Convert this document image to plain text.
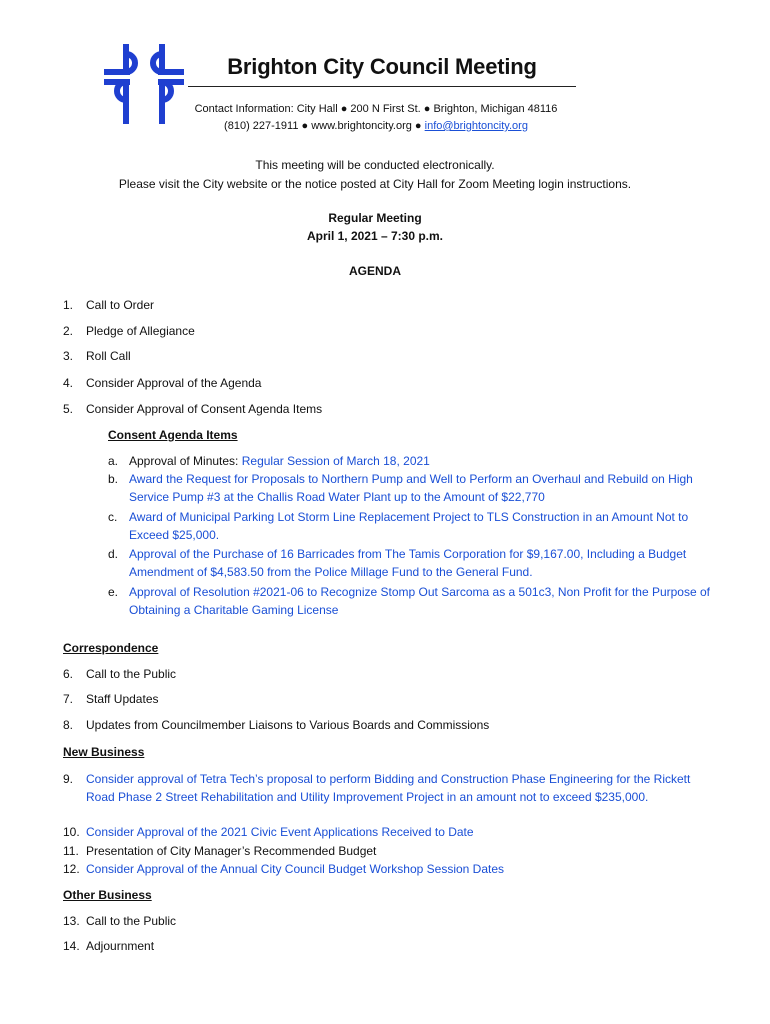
Brighton City Council Meeting
Contact Information: City Hall ● 200 N First St. ● Brighton, Michigan 48116
(810) 227-1911 ● www.brightoncity.org ● info@brightoncity.org
This meeting will be conducted electronically.
Please visit the City website or the notice posted at City Hall for Zoom Meeting login instructions.
Regular Meeting
April 1, 2021 – 7:30 p.m.
AGENDA
1. Call to Order
2. Pledge of Allegiance
3. Roll Call
4. Consider Approval of the Agenda
5. Consider Approval of Consent Agenda Items
Consent Agenda Items
a. Approval of Minutes: Regular Session of March 18, 2021
b. Award the Request for Proposals to Northern Pump and Well to Perform an Overhaul and Rebuild on High Service Pump #3 at the Challis Road Water Plant up to the Amount of $22,770
c. Award of Municipal Parking Lot Storm Line Replacement Project to TLS Construction in an Amount Not to Exceed $25,000.
d. Approval of the Purchase of 16 Barricades from The Tamis Corporation for $9,167.00, Including a Budget Amendment of $4,583.50 from the Police Millage Fund to the General Fund.
e. Approval of Resolution #2021-06 to Recognize Stomp Out Sarcoma as a 501c3, Non Profit for the Purpose of Obtaining a Charitable Gaming License
Correspondence
6. Call to the Public
7. Staff Updates
8. Updates from Councilmember Liaisons to Various Boards and Commissions
New Business
9. Consider approval of Tetra Tech’s proposal to perform Bidding and Construction Phase Engineering for the Rickett Road Phase 2 Street Rehabilitation and Utility Improvement Project in an amount not to exceed $235,000.
10. Consider Approval of the 2021 Civic Event Applications Received to Date
11. Presentation of City Manager’s Recommended Budget
12. Consider Approval of the Annual City Council Budget Workshop Session Dates
Other Business
13. Call to the Public
14. Adjournment
